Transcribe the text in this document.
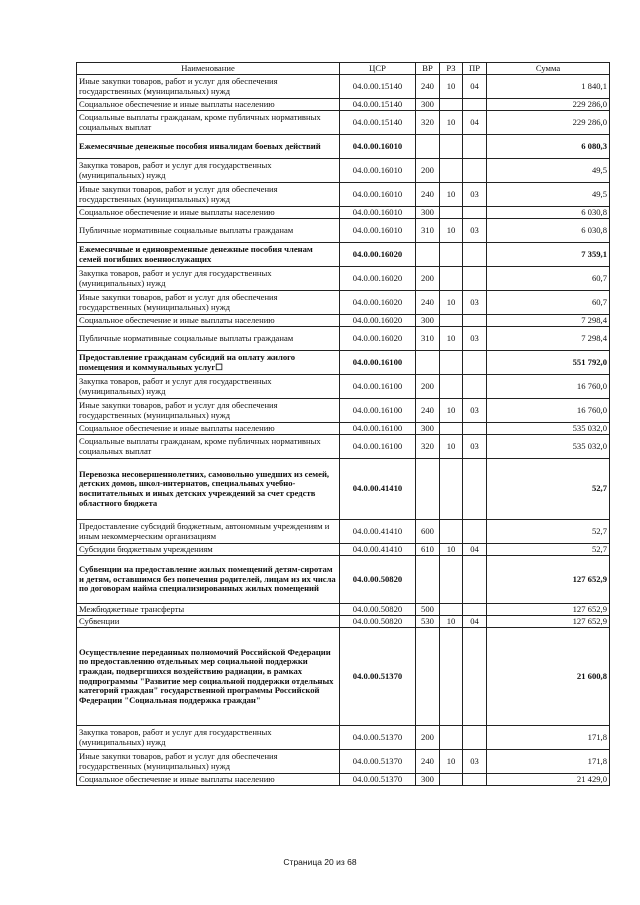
Наименование	ЦСР	ВР	РЗ	ПР	Сумма
Иные закупки товаров, работ и услуг для обеспечения государственных (муниципальных) нужд	04.0.00.15140	240	10	04	1 840,1
Социальное обеспечение и иные выплаты населению	04.0.00.15140	300			229 286,0
Социальные выплаты гражданам, кроме публичных нормативных социальных выплат	04.0.00.15140	320	10	04	229 286,0
Ежемесячные денежные пособия инвалидам боевых действий	04.0.00.16010				6 080,3
Закупка товаров, работ и услуг для государственных (муниципальных) нужд	04.0.00.16010	200			49,5
Иные закупки товаров, работ и услуг для обеспечения государственных (муниципальных) нужд	04.0.00.16010	240	10	03	49,5
Социальное обеспечение и иные выплаты населению	04.0.00.16010	300			6 030,8
Публичные нормативные социальные выплаты гражданам	04.0.00.16010	310	10	03	6 030,8
Ежемесячные и единовременные денежные пособия членам семей погибших военнослужащих	04.0.00.16020				7 359,1
Закупка товаров, работ и услуг для государственных (муниципальных) нужд	04.0.00.16020	200			60,7
Иные закупки товаров, работ и услуг для обеспечения государственных (муниципальных) нужд	04.0.00.16020	240	10	03	60,7
Социальное обеспечение и иные выплаты населению	04.0.00.16020	300			7 298,4
Публичные нормативные социальные выплаты гражданам	04.0.00.16020	310	10	03	7 298,4
Предоставление гражданам субсидий на оплату жилого помещения и коммунальных услуг☐	04.0.00.16100				551 792,0
Закупка товаров, работ и услуг для государственных (муниципальных) нужд	04.0.00.16100	200			16 760,0
Иные закупки товаров, работ и услуг для обеспечения государственных (муниципальных) нужд	04.0.00.16100	240	10	03	16 760,0
Социальное обеспечение и иные выплаты населению	04.0.00.16100	300			535 032,0
Социальные выплаты гражданам, кроме публичных нормативных социальных выплат	04.0.00.16100	320	10	03	535 032,0
Перевозка несовершеннолетних, самовольно ушедших из семей, детских домов, школ-интернатов, специальных учебно-воспитательных и иных детских учреждений за счет средств областного бюджета	04.0.00.41410				52,7
Предоставление субсидий бюджетным, автономным учреждениям и иным некоммерческим организациям	04.0.00.41410	600			52,7
Субсидии бюджетным учреждениям	04.0.00.41410	610	10	04	52,7
Субвенции на предоставление жилых помещений детям-сиротам и детям, оставшимся без попечения родителей, лицам из их числа по договорам найма специализированных жилых помещений	04.0.00.50820				127 652,9
Межбюджетные трансферты	04.0.00.50820	500			127 652,9
Субвенции	04.0.00.50820	530	10	04	127 652,9
Осуществление переданных полномочий Российской Федерации по предоставлению отдельных мер социальной поддержки граждан, подвергшихся воздействию радиации, в рамках подпрограммы "Развитие мер социальной поддержки отдельных категорий граждан" государственной программы Российской Федерации "Социальная поддержка граждан"	04.0.00.51370				21 600,8
Закупка товаров, работ и услуг для государственных (муниципальных) нужд	04.0.00.51370	200			171,8
Иные закупки товаров, работ и услуг для обеспечения государственных (муниципальных) нужд	04.0.00.51370	240	10	03	171,8
Социальное обеспечение и иные выплаты населению	04.0.00.51370	300			21 429,0
Страница 20 из 68
